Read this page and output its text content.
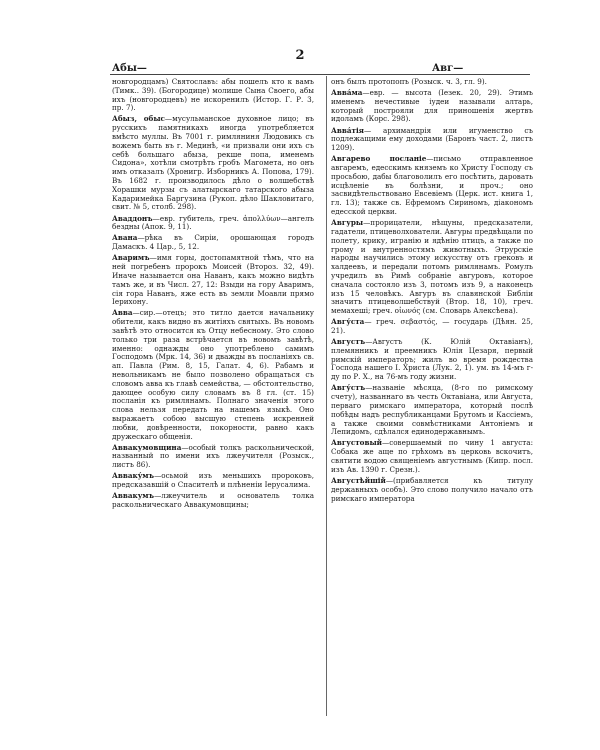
2
Абы—	Авг—

новгородцамъ) Святославъ: абы пошелъ кто к вамъ (Тимк.. 39). (Богородице) молише Сына Своего, абы ихъ (новгородцевъ) не искоренилъ (Истор. Г. Р. 3, пр. 7).

Абыз, обыс—мусульманское духовное лицо; въ русскихъ памятникахъ иногда употребляется вмѣсто муллы. Въ 7001 г. римляниня Людовикъ съ вожемъ быть въ г. Мединѣ, «и призвали они ихъ съ себѣ большаго абыза, рекше попа, именемъ Сидона», хотѣли смотрѣть гробъ Магомета, но онъ имъ отказалъ (Хронигр. Изборникъ А. Попова, 179). Въ 1682 г. производилось дѣло о волшебствѣ Хорашки мурзы съ алатырскаго татарского абыза Кадаримейка Баргузина (Рукоп. дѣло Шакловитаго, свит. № 5, столб. 298).

Аваддонъ—евр. губитель, греч. ἀπολλύων—ангелъ бездны (Апок. 9, 11).

Авана—рѣка въ Сиріи, орошающая городъ Дамаскъ. 4 Цар., 5, 12.

Аваримъ—имя горы, достопамятной тѣмъ, что на ней погребенъ пророкъ Моисей (Второз. 32, 49). Иначе называется она Наванъ, какъ можно видѣть тамъ же, и въ Числ. 27, 12: Взыди на гору Аваримъ, сія гора Наванъ, яже есть въ земли Моавли прямо Іерихону.

Авва—сир.—отецъ; это титло дается начальнику обители, какъ видно въ житіяхъ святыхъ. Въ новомъ завѣтѣ это относится къ Отцу небесному. Это слово только три раза встрѣчается въ новомъ завѣтѣ, именно: однажды оно употреблено самимъ Господомъ (Мрк. 14, 36) и дважды въ посланіяхъ св. ап. Павла (Рим. 8, 15, Галат. 4, 6). Рабамъ и невольникамъ не было позволено обращаться съ словомъ авва къ главѣ семейства, — обстоятельство, дающее особую силу словамъ въ 8 гл. (ст. 15) посланія къ римлянамъ. Полнаго значенія этого слова нельзя передать на нашемъ языкѣ. Оно выражаетъ собою высшую степень искренней любви, довѣренности, покорности, равно какъ дружескаго общенія.

Аввакумовщина—особый толкъ раскольнической, названный по имени ихъ лжеучителя (Розыск., листъ 86).

Авваку́мъ—осьмой изъ меньшихъ пророковъ, предсказавшій о Спасителѣ и плѣненіи Іерусалима.

Аввакумъ—лжеучитель и основатель толка раскольническаго Аввакумовщины;

онъ былъ протопопъ (Розыск. ч. 3, гл. 9).

Авва́ма—евр. — высота (Іезек. 20, 29). Этимъ именемъ нечестивые іудеи называли алтарь, который построяли для приношенія жертвъ идоламъ (Корс. 298).

Авва́тія— архимандрія или игуменство съ подлежащими ему доходами (Баронъ част. 2, листъ 1209).

Авгарево посланіе—письмо отправленное авгаремъ, едесскимъ княземъ ко Христу Господу съ просьбою, дабы благоволилъ его посѣтить, даровать исцѣленіе въ болѣзни, и проч.; оно засвидѣтельствовано Евсевіемъ (Церк. ист. книга 1, гл. 13); также св. Ефремомъ Сириномъ, діакономъ едесской церкви.

Авгуры—прорицатели, нѣщуны, предсказатели, гадатели, птицеволхователи. Авгуры предвѣщали по полету, крику, игранію и ядѣнію птицъ, а также по грому и внутренностямъ животныхъ. Этрурскіе народы научились этому искусству отъ грековъ и халдеевъ, и передали потомъ римлянамъ. Ромулъ учредилъ въ Римѣ собраніе авгуровъ, которое сначала состояло изъ 3, потомъ изъ 9, а наконецъ изъ 15 человѣкъ. Авгуръ въ славянской Библіи значитъ птицеволшебствуй (Втор. 18, 10), греч. мемахеші; греч. οἰωνός (см. Словарь Алексѣева).

Авгу́ста— греч. σεβαστός, — государь (Дѣян. 25, 21).

Августъ—Августъ (К. Юлій Октавіанъ), племянникъ и преемникъ Юлія Цезаря, первый римскій императоръ; жилъ во время рождества Господа нашего І. Христа (Лук. 2, 1). ум. въ 14-мъ г-ду по Р. Х., на 76-мъ году жизни.

Авгу́стъ—названіе мѣсяца, (8-го по римскому счету), названнаго въ честь Октавіана, или Августа, перваго римскаго императора, который послѣ побѣды надъ республиканцами Брутомъ и Кассіемъ, а также своими совмѣстниками Антоніемъ и Лепидомъ, сдѣлался единодержавнымъ.

Августовый—совершаемый по чину 1 августа: Собака же аще по грѣхомъ въ церковь вскочитъ, святити водою священіемъ августнымъ (Кипр. посл. изъ Ав. 1390 г. Срезн.).

Августѣйшій—(прибавляется къ титулу державныхъ особъ). Это слово получило начало отъ римскаго императора
